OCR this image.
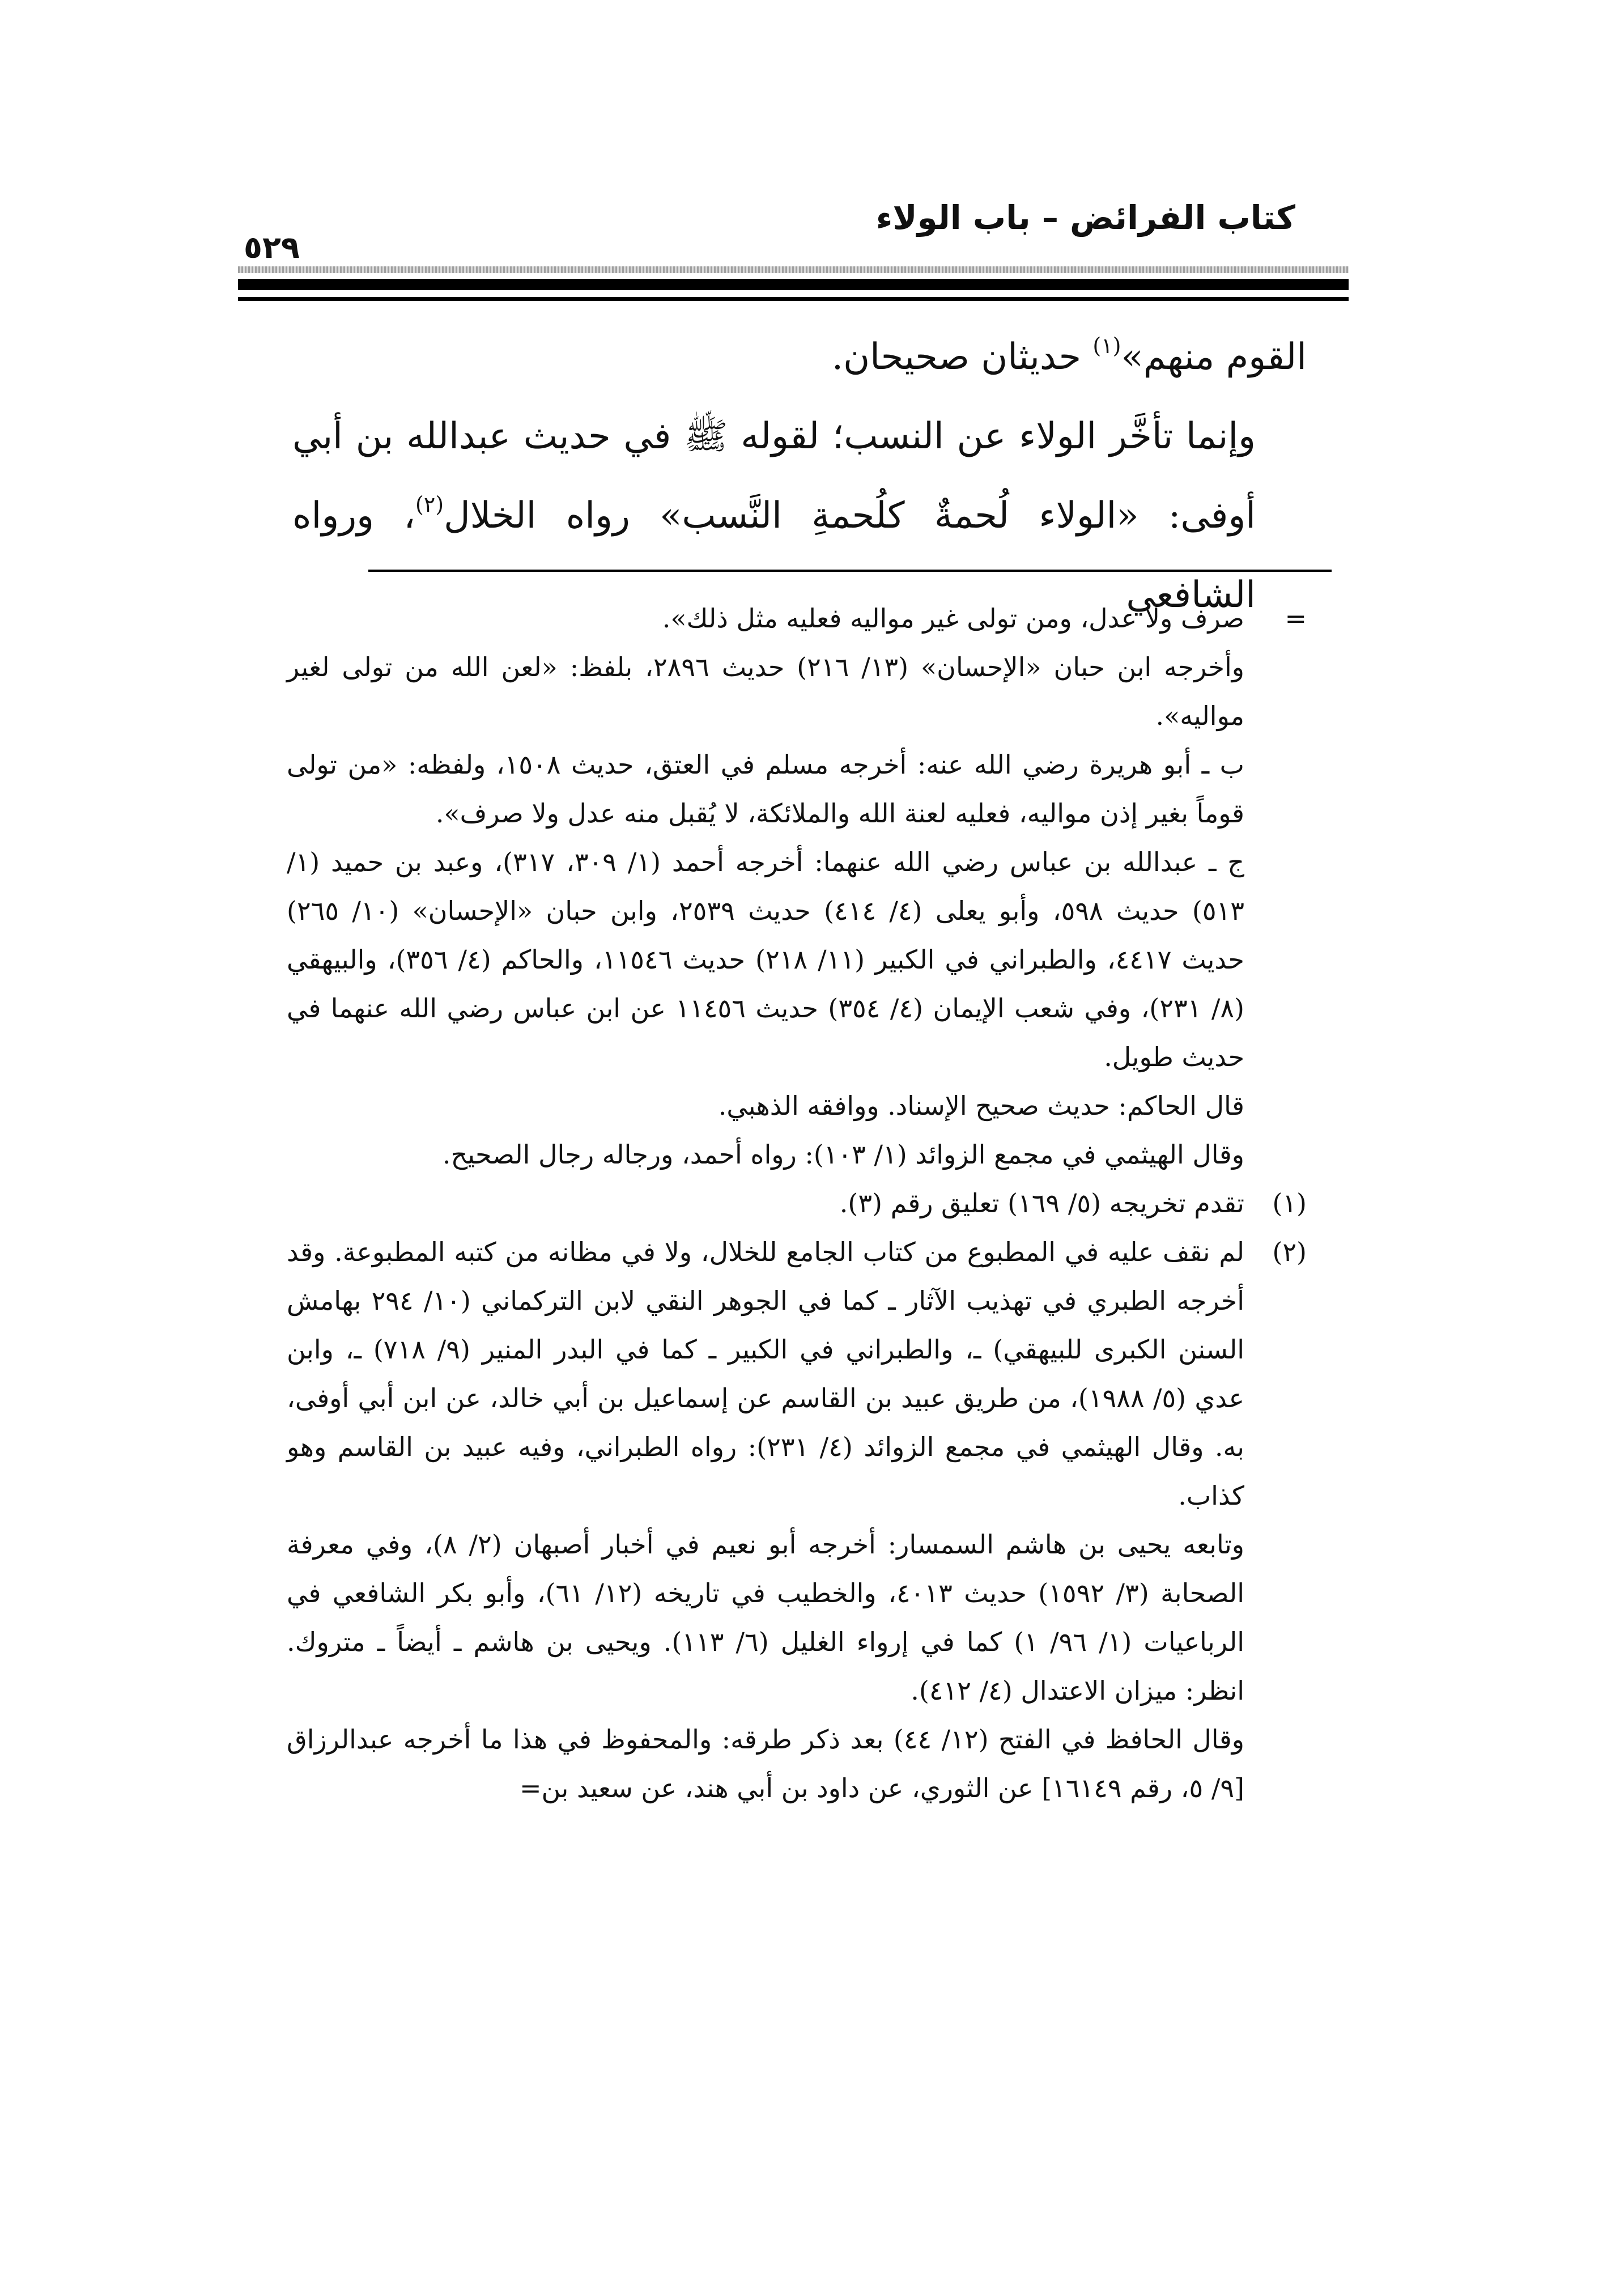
كتاب الفرائض – باب الولاء
٥٢٩

القوم منهم»$^{(١)}$ حديثان صحيحان.

وإنما تأخَّر الولاء عن النسب؛ لقوله ﷺ في حديث عبدالله بن أبي أوفى: «الولاء لُحمةٌ كلُحمةِ النَّسب» رواه الخلال$^{(٢)}$، ورواه الشافعي

= صرف ولا عدل، ومن تولى غير مواليه فعليه مثل ذلك».

وأخرجه ابن حبان «الإحسان» (١٣/ ٢١٦) حديث ٢٨٩٦، بلفظ: «لعن الله من تولى لغير مواليه».

ب ـ أبو هريرة رضي الله عنه: أخرجه مسلم في العتق، حديث ١٥٠٨، ولفظه: «من تولى قوماً بغير إذن مواليه، فعليه لعنة الله والملائكة، لا يُقبل منه عدل ولا صرف».

ج ـ عبدالله بن عباس رضي الله عنهما: أخرجه أحمد (١/ ٣٠٩، ٣١٧)، وعبد بن حميد (١/ ٥١٣) حديث ٥٩٨، وأبو يعلى (٤/ ٤١٤) حديث ٢٥٣٩، وابن حبان «الإحسان» (١٠/ ٢٦٥) حديث ٤٤١٧، والطبراني في الكبير (١١/ ٢١٨) حديث ١١٥٤٦، والحاكم (٤/ ٣٥٦)، والبيهقي (٨/ ٢٣١)، وفي شعب الإيمان (٤/ ٣٥٤) حديث ١١٤٥٦ عن ابن عباس رضي الله عنهما في حديث طويل.

قال الحاكم: حديث صحيح الإسناد. ووافقه الذهبي.

وقال الهيثمي في مجمع الزوائد (١/ ١٠٣): رواه أحمد، ورجاله رجال الصحيح.

(١)
تقدم تخريجه (٥/ ١٦٩) تعليق رقم (٣).

(٢)
لم نقف عليه في المطبوع من كتاب الجامع للخلال، ولا في مظانه من كتبه المطبوعة. وقد أخرجه الطبري في تهذيب الآثار ـ كما في الجوهر النقي لابن التركماني (١٠/ ٢٩٤ بهامش السنن الكبرى للبيهقي) ـ، والطبراني في الكبير ـ كما في البدر المنير (٩/ ٧١٨) ـ، وابن عدي (٥/ ١٩٨٨)، من طريق عبيد بن القاسم عن إسماعيل بن أبي خالد، عن ابن أبي أوفى، به. وقال الهيثمي في مجمع الزوائد (٤/ ٢٣١): رواه الطبراني، وفيه عبيد بن القاسم وهو كذاب.

وتابعه يحيى بن هاشم السمسار: أخرجه أبو نعيم في أخبار أصبهان (٢/ ٨)، وفي معرفة الصحابة (٣/ ١٥٩٢) حديث ٤٠١٣، والخطيب في تاريخه (١٢/ ٦١)، وأبو بكر الشافعي في الرباعيات (١/ ٩٦/ ١) كما في إرواء الغليل (٦/ ١١٣). ويحيى بن هاشم ـ أيضاً ـ متروك. انظر: ميزان الاعتدال (٤/ ٤١٢).

وقال الحافظ في الفتح (١٢/ ٤٤) بعد ذكر طرقه: والمحفوظ في هذا ما أخرجه عبدالرزاق [٩/ ٥، رقم ١٦١٤٩] عن الثوري، عن داود بن أبي هند، عن سعيد بن=
